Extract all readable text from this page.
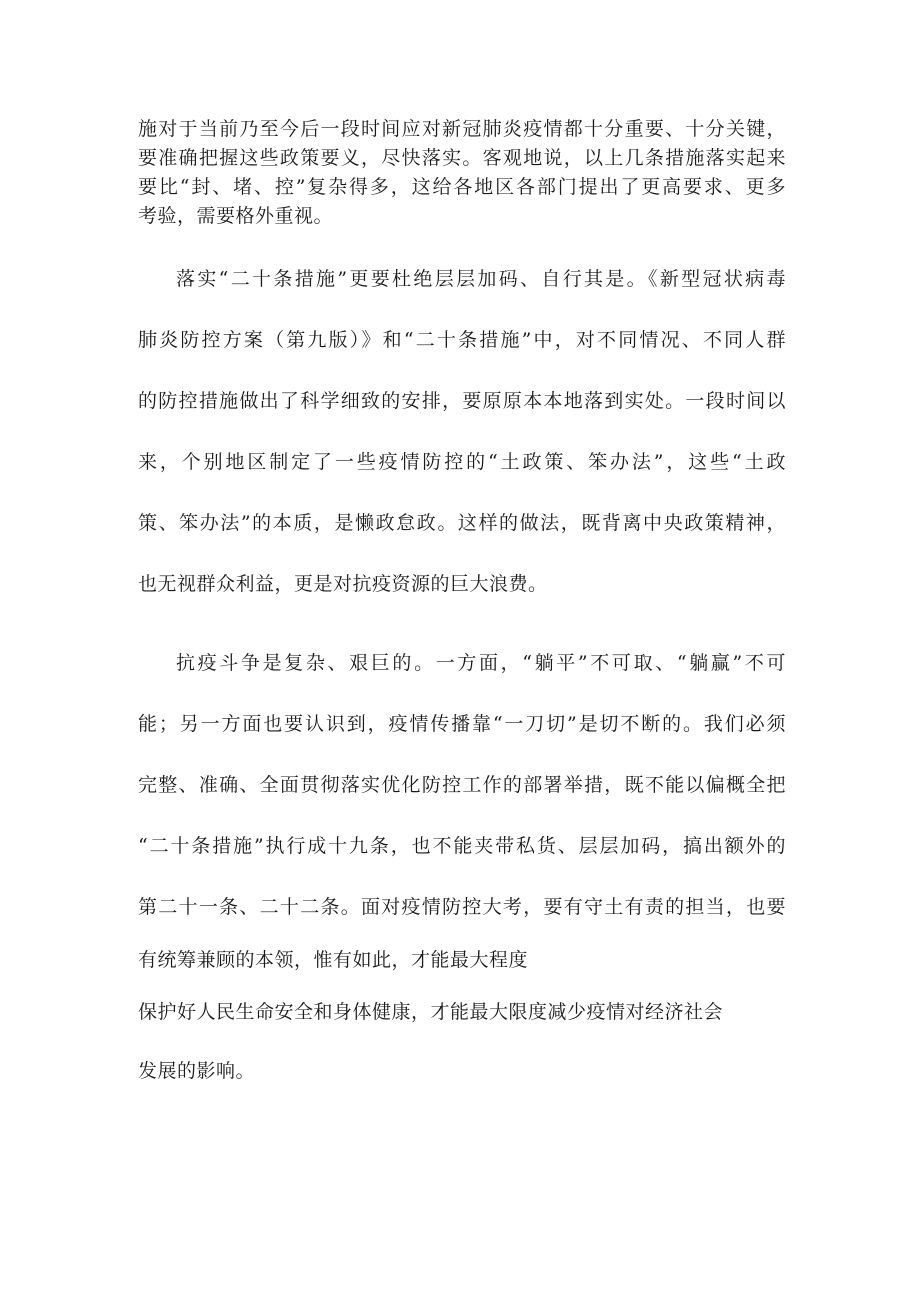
施对于当前乃至今后一段时间应对新冠肺炎疫情都十分重要、十分关键，
要准确把握这些政策要义，尽快落实。客观地说，以上几条措施落实起来
要比“封、堵、控”复杂得多，这给各地区各部门提出了更高要求、更多
考验，需要格外重视。
落实“二十条措施”更要杜绝层层加码、自行其是。《新型冠状病毒
肺炎防控方案（第九版）》和“二十条措施”中，对不同情况、不同人群
的防控措施做出了科学细致的安排，要原原本本地落到实处。一段时间以
来，个别地区制定了一些疫情防控的“土政策、笨办法”，这些“土政
策、笨办法”的本质，是懒政怠政。这样的做法，既背离中央政策精神，
也无视群众利益，更是对抗疫资源的巨大浪费。
抗疫斗争是复杂、艰巨的。一方面，“躺平”不可取、“躺赢”不可
能；另一方面也要认识到，疫情传播靠“一刀切”是切不断的。我们必须
完整、准确、全面贯彻落实优化防控工作的部署举措，既不能以偏概全把
“二十条措施”执行成十九条，也不能夹带私货、层层加码，搞出额外的
第二十一条、二十二条。面对疫情防控大考，要有守土有责的担当，也要
有统筹兼顾的本领，惟有如此，才能最大程度
保护好人民生命安全和身体健康，才能最大限度减少疫情对经济社会
发展的影响。
